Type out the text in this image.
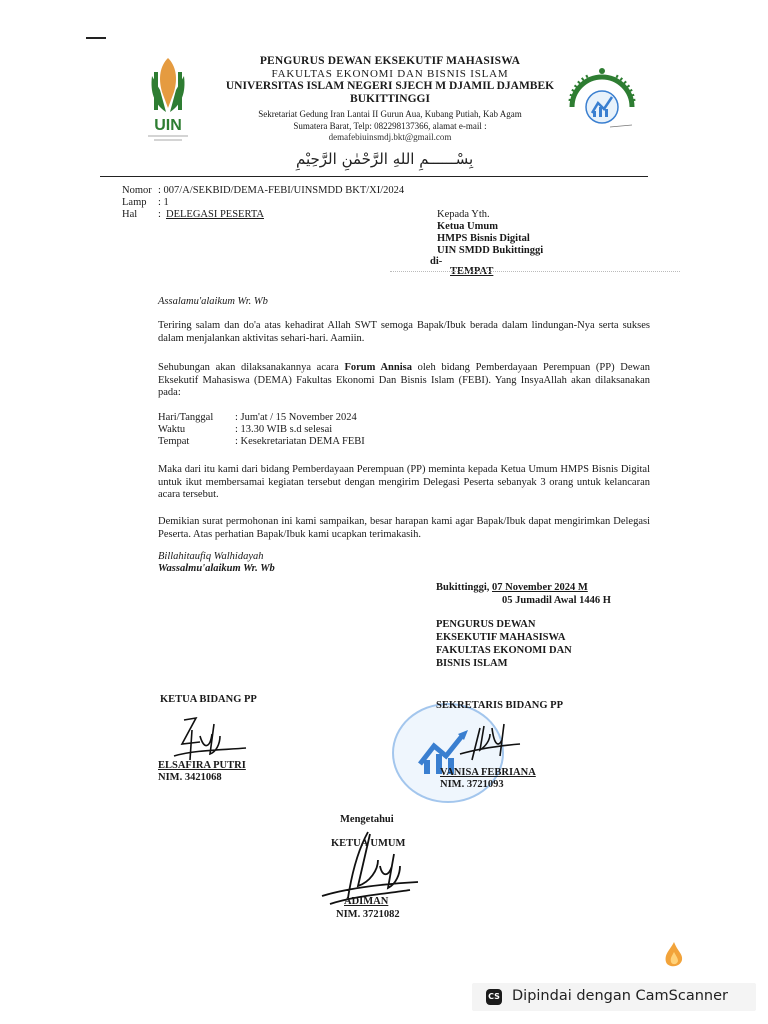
UIN
PENGURUS DEWAN EKSEKUTIF MAHASISWA
FAKULTAS EKONOMI DAN BISNIS ISLAM
UNIVERSITAS ISLAM NEGERI SJECH M DJAMIL DJAMBEK
BUKITTINGGI
Sekretariat Gedung Iran Lantai II Gurun Aua, Kubang Putiah, Kab Agam
Sumatera Barat, Telp: 082298137366, alamat e-mail :
demafebiuinsmdj.bkt@gmail.com
بِسْــــــمِ اللهِ الرَّحْمٰنِ الرَّحِيْمِ
Nomor : 007/A/SEKBID/DEMA-FEBI/UINSMDD BKT/XI/2024
Lamp	: 1
Hal	: DELEGASI PESERTA	Kepada Yth.
Ketua Umum
HMPS Bisnis Digital
UIN SMDD Bukittinggi
di-
TEMPAT
Assalamu'alaikum Wr. Wb
Teriring salam dan do'a atas kehadirat Allah SWT semoga Bapak/Ibuk berada dalam lindungan-Nya serta sukses dalam menjalankan aktivitas sehari-hari. Aamiin.
Sehubungan akan dilaksanakannya acara Forum Annisa oleh bidang Pemberdayaan Perempuan (PP) Dewan Eksekutif Mahasiswa (DEMA) Fakultas Ekonomi Dan Bisnis Islam (FEBI). Yang InsyaAllah akan dilaksanakan pada:
Hari/Tanggal : Jum'at / 15 November 2024
Waktu	: 13.30 WIB s.d selesai
Tempat	: Kesekretariatan DEMA FEBI
Maka dari itu kami dari bidang Pemberdayaan Perempuan (PP) meminta kepada Ketua Umum HMPS Bisnis Digital untuk ikut membersamai kegiatan tersebut dengan mengirim Delegasi Peserta sebanyak 3 orang untuk kelancaran acara tersebut.
Demikian surat permohonan ini kami sampaikan, besar harapan kami agar Bapak/Ibuk dapat mengirimkan Delegasi Peserta. Atas perhatian Bapak/Ibuk kami ucapkan terimakasih.
Billahitaufiq Walhidayah
Wassalmu'alaikum Wr. Wb
Bukittinggi, 07 November 2024 M
05 Jumadil Awal 1446 H
PENGURUS DEWAN
EKSEKUTIF MAHASISWA
FAKULTAS EKONOMI DAN
BISNIS ISLAM
KETUA BIDANG PP
ELSAFIRA PUTRI
NIM. 3421068
SEKRETARIS BIDANG PP
VANISA FEBRIANA
NIM. 3721093
Mengetahui
KETUA UMUM
ADIMAN
NIM. 3721082
CS Dipindai dengan CamScanner
